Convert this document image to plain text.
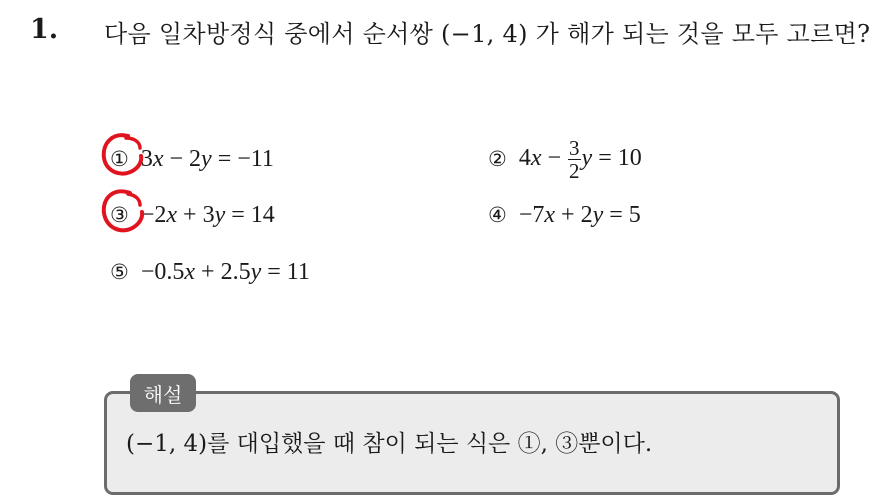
1. 다음 일차방정식 중에서 순서쌍 (−1, 4) 가 해가 되는 것을 모두 고르면?
① 3x − 2y = −11	② $4x - \frac{3}{2}$ y = 10
③ −2x + 3y = 14	④ −7x + 2y = 5
⑤ −0.5x + 2.5y = 11
해설
(−1, 4)를 대입했을 때 참이 되는 식은 ①, ③뿐이다.
